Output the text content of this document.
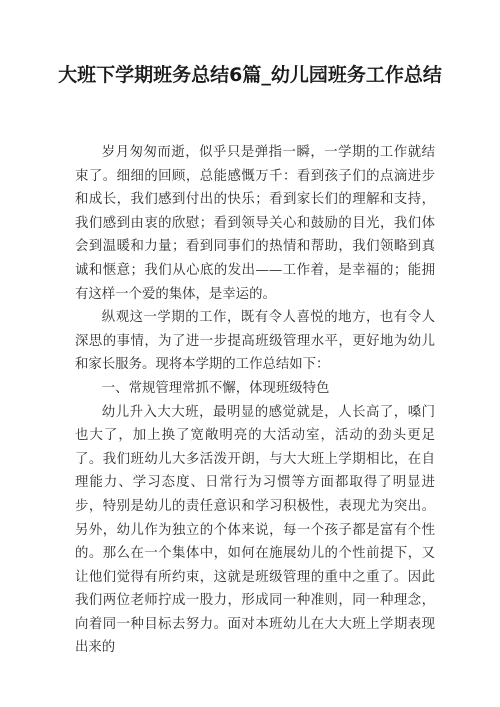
大班下学期班务总结6篇_幼儿园班务工作总结

岁月匆匆而逝，似乎只是弹指一瞬，一学期的工作就结束了。细细的回顾，总能感慨万千：看到孩子们的点滴进步和成长，我们感到付出的快乐；看到家长们的理解和支持，我们感到由衷的欣慰；看到领导关心和鼓励的目光，我们体会到温暖和力量；看到同事们的热情和帮助，我们领略到真诚和惬意；我们从心底的发出——工作着，是幸福的；能拥有这样一个爱的集体，是幸运的。

纵观这一学期的工作，既有令人喜悦的地方，也有令人深思的事情，为了进一步提高班级管理水平，更好地为幼儿和家长服务。现将本学期的工作总结如下：

一、常规管理常抓不懈，体现班级特色

幼儿升入大大班，最明显的感觉就是，人长高了，嗓门也大了，加上换了宽敞明亮的大活动室，活动的劲头更足了。我们班幼儿大多活泼开朗，与大大班上学期相比，在自理能力、学习态度、日常行为习惯等方面都取得了明显进步，特别是幼儿的责任意识和学习积极性，表现尤为突出。 另外，幼儿作为独立的个体来说，每一个孩子都是富有个性的。那么在一个集体中，如何在施展幼儿的个性前提下，又让他们觉得有所约束，这就是班级管理的重中之重了。因此我们两位老师拧成一股力，形成同一种准则，同一种理念，向着同一种目标去努力。面对本班幼儿在大大班上学期表现出来的
